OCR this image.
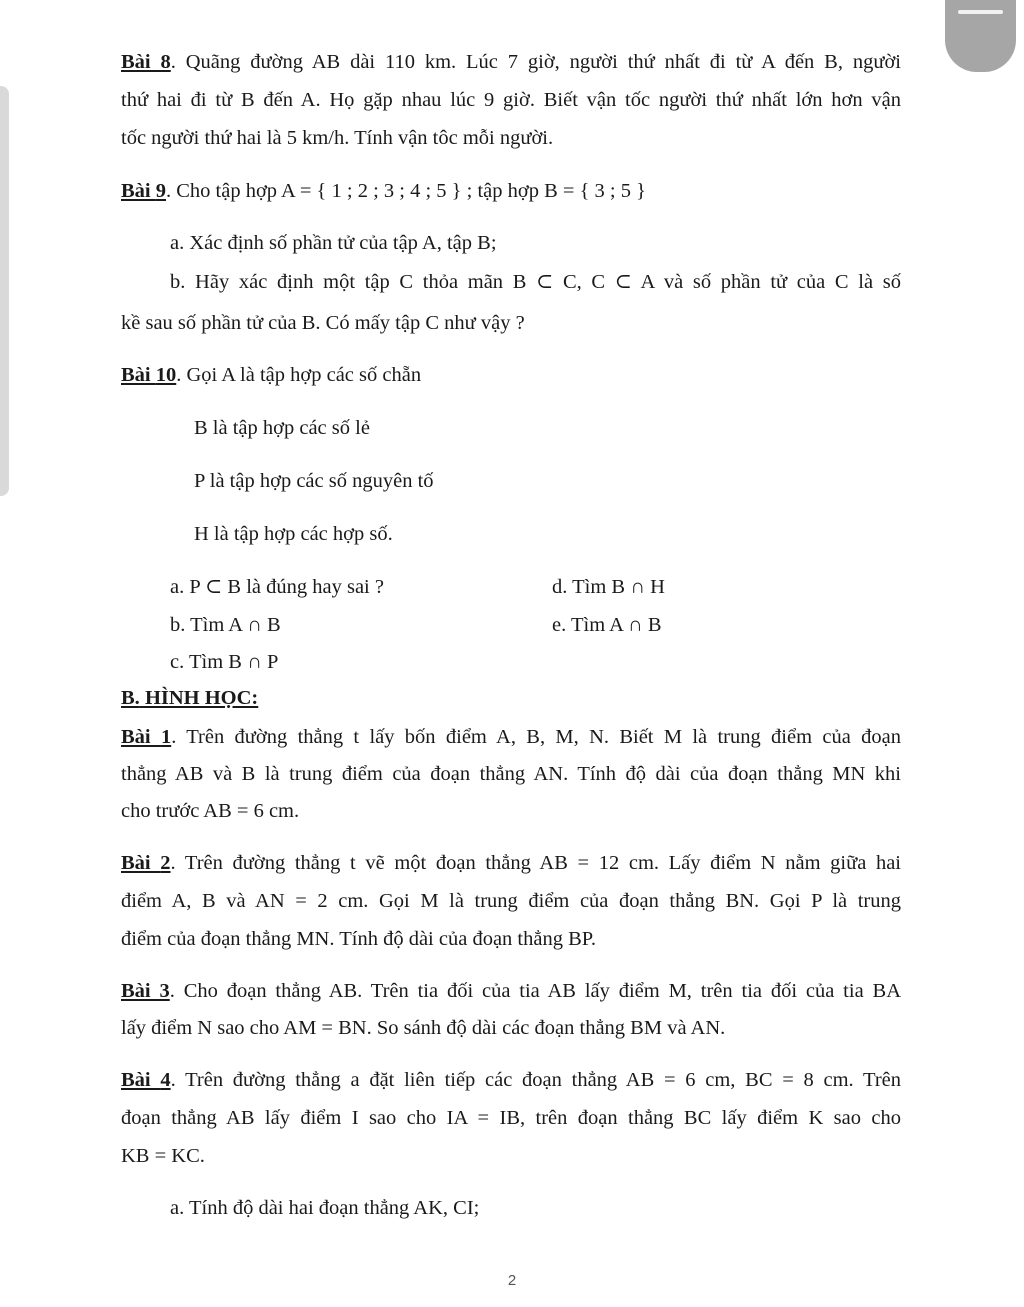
Bài 8. Quãng đường AB dài 110 km. Lúc 7 giờ, người thứ nhất đi từ A đến B, người
thứ hai đi từ B đến A. Họ gặp nhau lúc 9 giờ. Biết vận tốc người thứ nhất lớn hơn vận
tốc người thứ hai là 5 km/h. Tính vận tôc mỗi người.
Bài 9. Cho tập hợp A = { 1 ; 2 ; 3 ; 4 ; 5 } ; tập hợp B = { 3 ; 5 }
a. Xác định số phần tử của tập A, tập B;
b. Hãy xác định một tập C thỏa mãn B ⊂ C, C ⊂ A và số phần tử của C là số
kề sau số phần tử của B. Có mấy tập C như vậy ?
Bài 10. Gọi A là tập hợp các số chẵn
B là tập hợp các số lẻ
P là tập hợp các số nguyên tố
H là tập hợp các hợp số.
a. P ⊂ B là đúng hay sai ?	d. Tìm B ∩ H
b. Tìm A ∩ B	e. Tìm A ∩ B
c. Tìm B ∩ P
B. HÌNH HỌC:
Bài 1. Trên đường thẳng t lấy bốn điểm A, B, M, N. Biết M là trung điểm của đoạn
thẳng AB và B là trung điểm của đoạn thẳng AN. Tính độ dài của đoạn thẳng MN khi
cho trước AB = 6 cm.
Bài 2. Trên đường thẳng t vẽ một đoạn thẳng AB = 12 cm. Lấy điểm N nằm giữa hai
điểm A, B và AN = 2 cm. Gọi M là trung điểm của đoạn thẳng BN. Gọi P là trung
điểm của đoạn thẳng MN. Tính độ dài của đoạn thẳng BP.
Bài 3. Cho đoạn thẳng AB. Trên tia đối của tia AB lấy điểm M, trên tia đối của tia BA
lấy điểm N sao cho AM = BN. So sánh độ dài các đoạn thẳng BM và AN.
Bài 4. Trên đường thẳng a đặt liên tiếp các đoạn thẳng AB = 6 cm, BC = 8 cm. Trên
đoạn thẳng AB lấy điểm I sao cho IA = IB, trên đoạn thẳng BC lấy điểm K sao cho
KB = KC.
a. Tính độ dài hai đoạn thẳng AK, CI;
2
